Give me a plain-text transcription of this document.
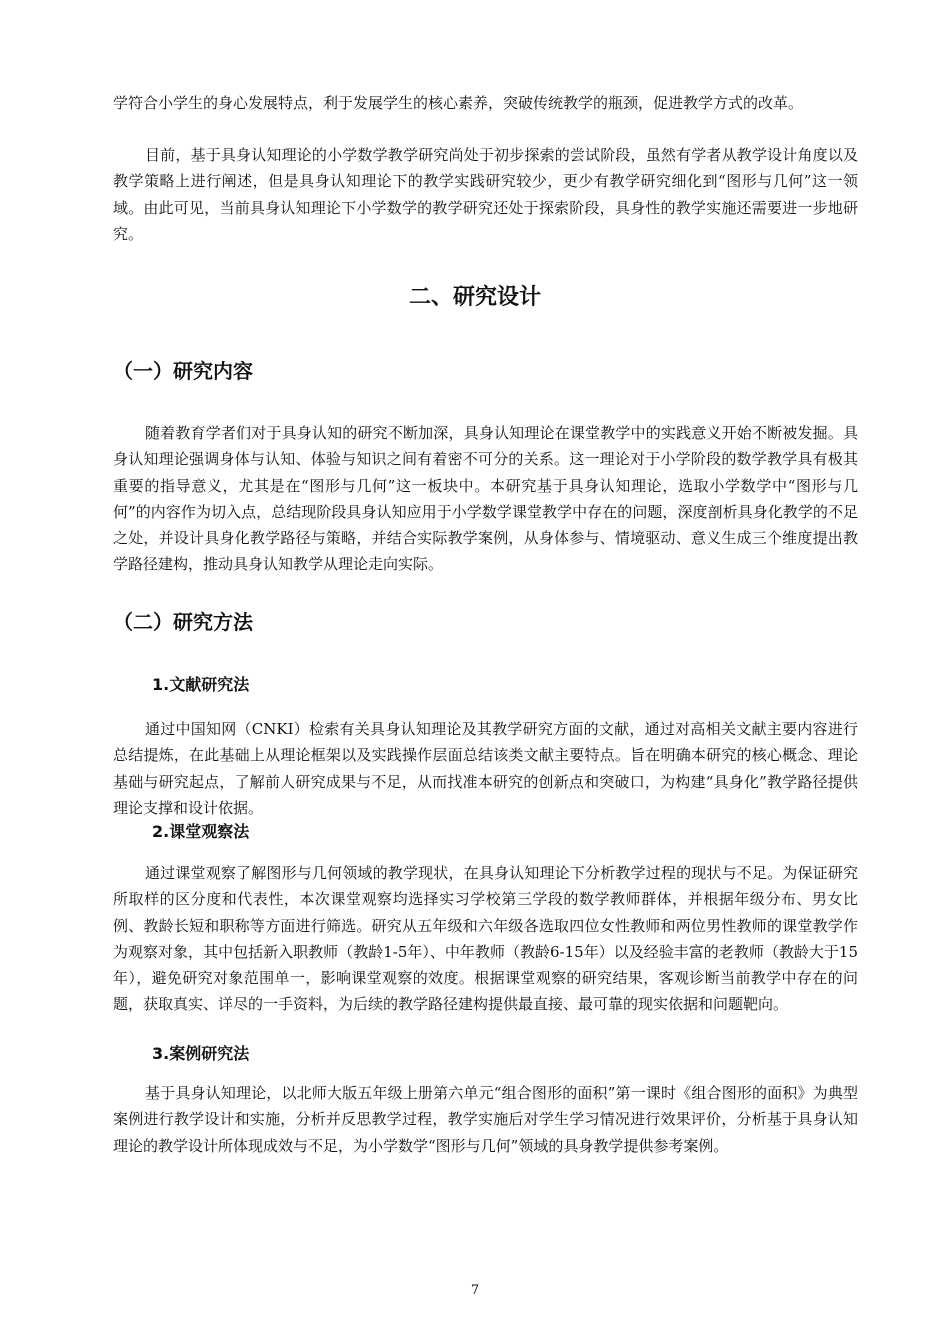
学符合小学生的身心发展特点，利于发展学生的核心素养，突破传统教学的瓶颈，促进教学方式的改革。

目前，基于具身认知理论的小学数学教学研究尚处于初步探索的尝试阶段，虽然有学者从教学设计角度以及教学策略上进行阐述，但是具身认知理论下的教学实践研究较少，更少有教学研究细化到“图形与几何”这一领域。由此可见，当前具身认知理论下小学数学的教学研究还处于探索阶段，具身性的教学实施还需要进一步地研究。

二、研究设计
（一）研究内容

随着教育学者们对于具身认知的研究不断加深，具身认知理论在课堂教学中的实践意义开始不断被发掘。具身认知理论强调身体与认知、体验与知识之间有着密不可分的关系。这一理论对于小学阶段的数学教学具有极其重要的指导意义，尤其是在“图形与几何”这一板块中。本研究基于具身认知理论，选取小学数学中“图形与几何”的内容作为切入点，总结现阶段具身认知应用于小学数学课堂教学中存在的问题，深度剖析具身化教学的不足之处，并设计具身化教学路径与策略，并结合实际教学案例，从身体参与、情境驱动、意义生成三个维度提出教学路径建构，推动具身认知教学从理论走向实际。

（二）研究方法
1.文献研究法

通过中国知网（CNKI）检索有关具身认知理论及其教学研究方面的文献，通过对高相关文献主要内容进行总结提炼，在此基础上从理论框架以及实践操作层面总结该类文献主要特点。旨在明确本研究的核心概念、理论基础与研究起点，了解前人研究成果与不足，从而找准本研究的创新点和突破口，为构建“具身化”教学路径提供理论支撑和设计依据。

2.课堂观察法

通过课堂观察了解图形与几何领域的教学现状，在具身认知理论下分析教学过程的现状与不足。为保证研究所取样的区分度和代表性，本次课堂观察均选择实习学校第三学段的数学教师群体，并根据年级分布、男女比例、教龄长短和职称等方面进行筛选。研究从五年级和六年级各选取四位女性教师和两位男性教师的课堂教学作为观察对象，其中包括新入职教师（教龄1-5年）、中年教师（教龄6-15年）以及经验丰富的老教师（教龄大于15年），避免研究对象范围单一，影响课堂观察的效度。根据课堂观察的研究结果，客观诊断当前教学中存在的问题，获取真实、详尽的一手资料，为后续的教学路径建构提供最直接、最可靠的现实依据和问题靶向。

3.案例研究法

基于具身认知理论，以北师大版五年级上册第六单元“组合图形的面积”第一课时《组合图形的面积》为典型案例进行教学设计和实施，分析并反思教学过程，教学实施后对学生学习情况进行效果评价，分析基于具身认知理论的教学设计所体现成效与不足，为小学数学“图形与几何”领域的具身教学提供参考案例。

7
